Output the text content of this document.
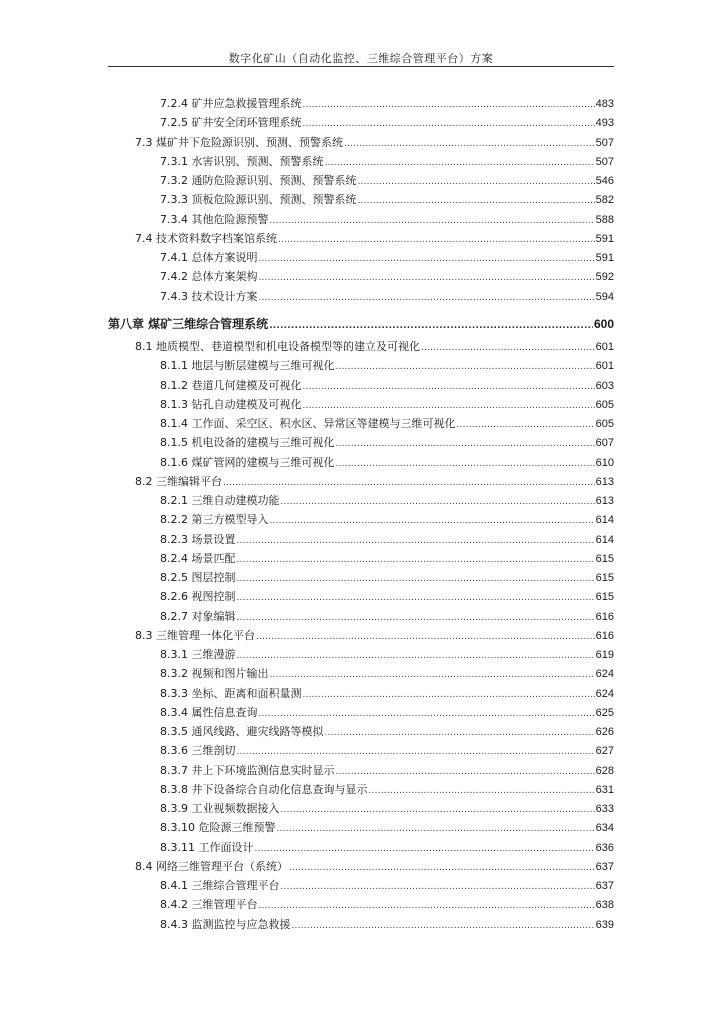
数字化矿山（自动化监控、三维综合管理平台）方案
7.2.4 矿井应急救援管理系统 .....	483
7.2.5 矿井安全闭环管理系统 .....	493
7.3 煤矿井下危险源识别、预测、预警系统 .....	507
7.3.1 水害识别、预测、预警系统 .....	507
7.3.2 通防危险源识别、预测、预警系统 .....	546
7.3.3 顶板危险源识别、预测、预警系统 .....	582
7.3.4 其他危险源预警 .....	588
7.4 技术资料数字档案馆系统 .....	591
7.4.1 总体方案说明 .....	591
7.4.2 总体方案架构 .....	592
7.4.3 技术设计方案 .....	594
第八章 煤矿三维综合管理系统 .....	600
8.1 地质模型、巷道模型和机电设备模型等的建立及可视化 .....	601
8.1.1 地层与断层建模与三维可视化 .....	601
8.1.2 巷道几何建模及可视化 .....	603
8.1.3 钻孔自动建模及可视化 .....	605
8.1.4 工作面、采空区、积水区、异常区等建模与三维可视化 .....	605
8.1.5 机电设备的建模与三维可视化 .....	607
8.1.6 煤矿管网的建模与三维可视化 .....	610
8.2 三维编辑平台 .....	613
8.2.1 三维自动建模功能 .....	613
8.2.2 第三方模型导入 .....	614
8.2.3 场景设置 .....	614
8.2.4 场景匹配 .....	615
8.2.5 图层控制 .....	615
8.2.6 视图控制 .....	615
8.2.7 对象编辑 .....	616
8.3 三维管理一体化平台 .....	616
8.3.1 三维漫游 .....	619
8.3.2 视频和图片输出 .....	624
8.3.3 坐标、距离和面积量测 .....	624
8.3.4 属性信息查询 .....	625
8.3.5 通风线路、避灾线路等模拟 .....	626
8.3.6 三维剖切 .....	627
8.3.7 井上下环境监测信息实时显示 .....	628
8.3.8 井下设备综合自动化信息查询与显示 .....	631
8.3.9 工业视频数据接入 .....	633
8.3.10 危险源三维预警 .....	634
8.3.11 工作面设计 .....	636
8.4 网络三维管理平台（系统） .....	637
8.4.1 三维综合管理平台 .....	637
8.4.2 三维管理平台 .....	638
8.4.3 监测监控与应急救援 .....	639
